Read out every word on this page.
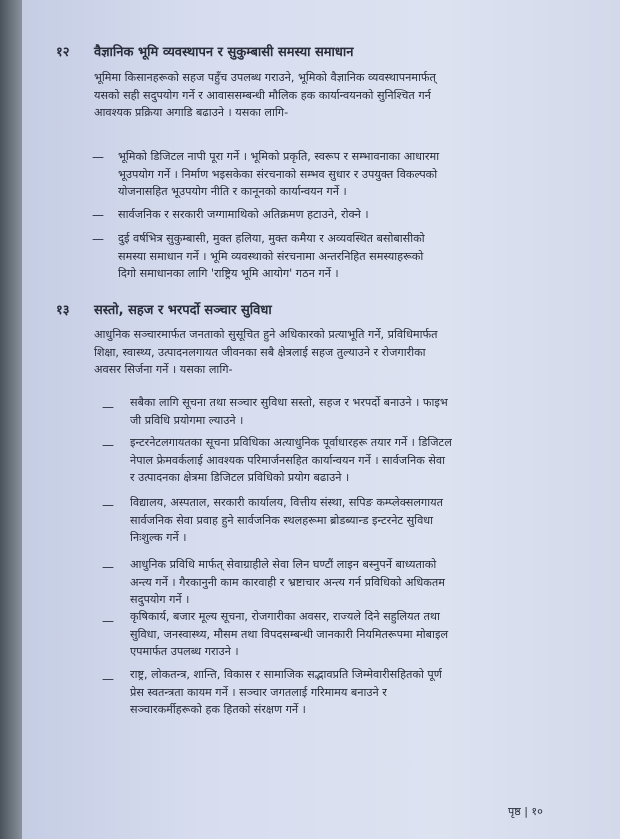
१२ वैज्ञानिक भूमि व्यवस्थापन र सुकुम्बासी समस्या समाधान
भूमिमा किसानहरूको सहज पहुँच उपलब्ध गराउने, भूमिको वैज्ञानिक व्यवस्थापनमार्फत्
यसको सही सदुपयोग गर्ने र आवाससम्बन्धी मौलिक हक कार्यान्वयनको सुनिश्चित गर्न
आवश्यक प्रक्रिया अगाडि बढाउने । यसका लागि-
— भूमिको डिजिटल नापी पूरा गर्ने । भूमिको प्रकृति, स्वरूप र सम्भावनाका आधारमा
भूउपयोग गर्ने । निर्माण भइसकेका संरचनाको सम्भव सुधार र उपयुक्त विकल्पको
योजनासहित भूउपयोग नीति र कानूनको कार्यान्वयन गर्ने ।
— सार्वजनिक र सरकारी जग्गामाथिको अतिक्रमण हटाउने, रोक्ने ।
— दुई वर्षभित्र सुकुम्बासी, मुक्त हलिया, मुक्त कमैया र अव्यवस्थित बसोबासीको
समस्या समाधान गर्ने । भूमि व्यवस्थाको संरचनामा अन्तरनिहित समस्याहरूको
दिगो समाधानका लागि 'राष्ट्रिय भूमि आयोग' गठन गर्ने ।
१३ सस्तो, सहज र भरपर्दो सञ्चार सुविधा
आधुनिक सञ्चारमार्फत जनताको सुसूचित हुने अधिकारको प्रत्याभूति गर्ने, प्रविधिमार्फत
शिक्षा, स्वास्थ्य, उत्पादनलगायत जीवनका सबै क्षेत्रलाई सहज तुल्याउने र रोजगारीका
अवसर सिर्जना गर्ने । यसका लागि-
— सबैका लागि सूचना तथा सञ्चार सुविधा सस्तो, सहज र भरपर्दो बनाउने । फाइभ
जी प्रविधि प्रयोगमा ल्याउने ।
— इन्टरनेटलगायतका सूचना प्रविधिका अत्याधुनिक पूर्वाधारहरू तयार गर्ने । डिजिटल
नेपाल फ्रेमवर्कलाई आवश्यक परिमार्जनसहित कार्यान्वयन गर्ने । सार्वजनिक सेवा
र उत्पादनका क्षेत्रमा डिजिटल प्रविधिको प्रयोग बढाउने ।
— विद्यालय, अस्पताल, सरकारी कार्यालय, वित्तीय संस्था, सपिङ कम्प्लेक्सलगायत
सार्वजनिक सेवा प्रवाह हुने सार्वजनिक स्थलहरूमा ब्रोडब्यान्ड इन्टरनेट सुविधा
निःशुल्क गर्ने ।
— आधुनिक प्रविधि मार्फत् सेवाग्राहीले सेवा लिन घण्टौं लाइन बस्नुपर्ने बाध्यताको
अन्त्य गर्ने । गैरकानुनी काम कारवाही र भ्रष्टाचार अन्त्य गर्न प्रविधिको अधिकतम
सदुपयोग गर्ने ।
— कृषिकार्य, बजार मूल्य सूचना, रोजगारीका अवसर, राज्यले दिने सहुलियत तथा
सुविधा, जनस्वास्थ्य, मौसम तथा विपदसम्बन्धी जानकारी नियमितरूपमा मोबाइल
एपमार्फत उपलब्ध गराउने ।
— राष्ट्र, लोकतन्त्र, शान्ति, विकास र सामाजिक सद्भावप्रति जिम्मेवारीसहितको पूर्ण
प्रेस स्वतन्त्रता कायम गर्ने । सञ्चार जगतलाई गरिमामय बनाउने र
सञ्चारकर्मीहरूको हक हितको संरक्षण गर्ने ।
पृष्ठ | १०
